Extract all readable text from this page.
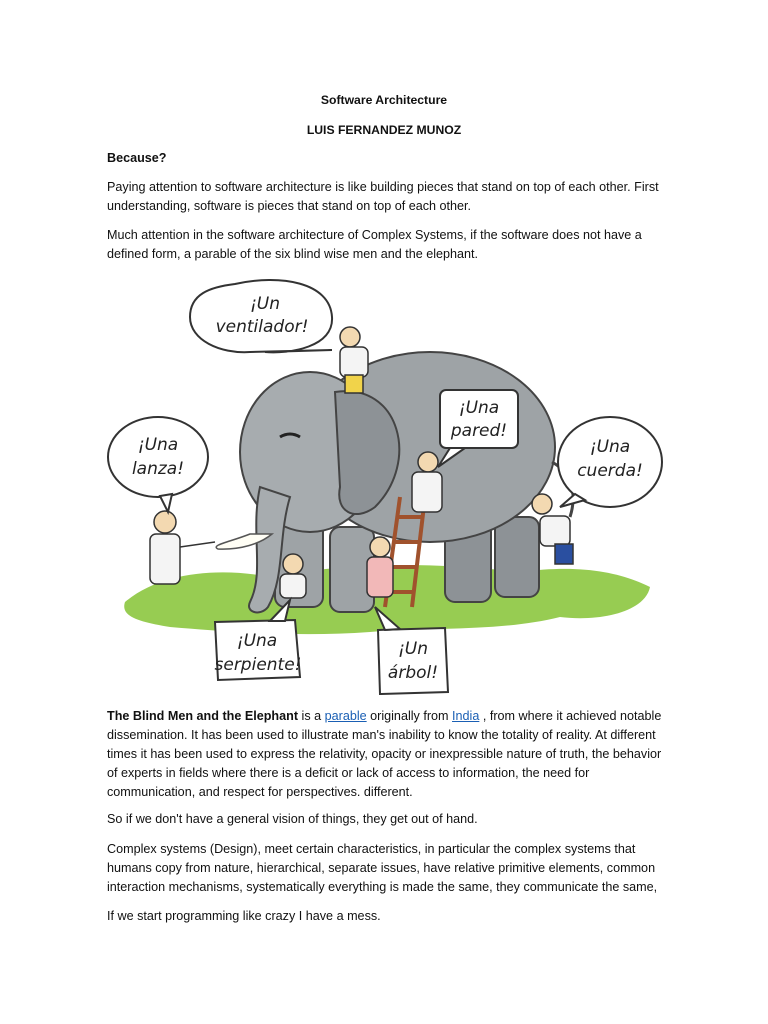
Software Architecture
LUIS FERNANDEZ MUNOZ
Because?

Paying attention to software architecture is like building pieces that stand on top of each other. First understanding, software is pieces that stand on top of each other.

Much attention in the software architecture of Complex Systems, if the software does not have a defined form, a parable of the six blind wise men and the elephant.

¡Un
ventilador!
¡Una
lanza!
¡Una
pared!
¡Una
cuerda!
¡Una
serpiente!
¡Un
árbol!

The Blind Men and the Elephant is a parable originally from India , from where it achieved notable dissemination. It has been used to illustrate man's inability to know the totality of reality. At different times it has been used to express the relativity, opacity or inexpressible nature of truth, the behavior of experts in fields where there is a deficit or lack of access to information, the need for communication, and respect for perspectives. different.

So if we don't have a general vision of things, they get out of hand.

Complex systems (Design), meet certain characteristics, in particular the complex systems that humans copy from nature, hierarchical, separate issues, have relative primitive elements, common interaction mechanisms, systematically everything is made the same, they communicate the same,

If we start programming like crazy I have a mess.
